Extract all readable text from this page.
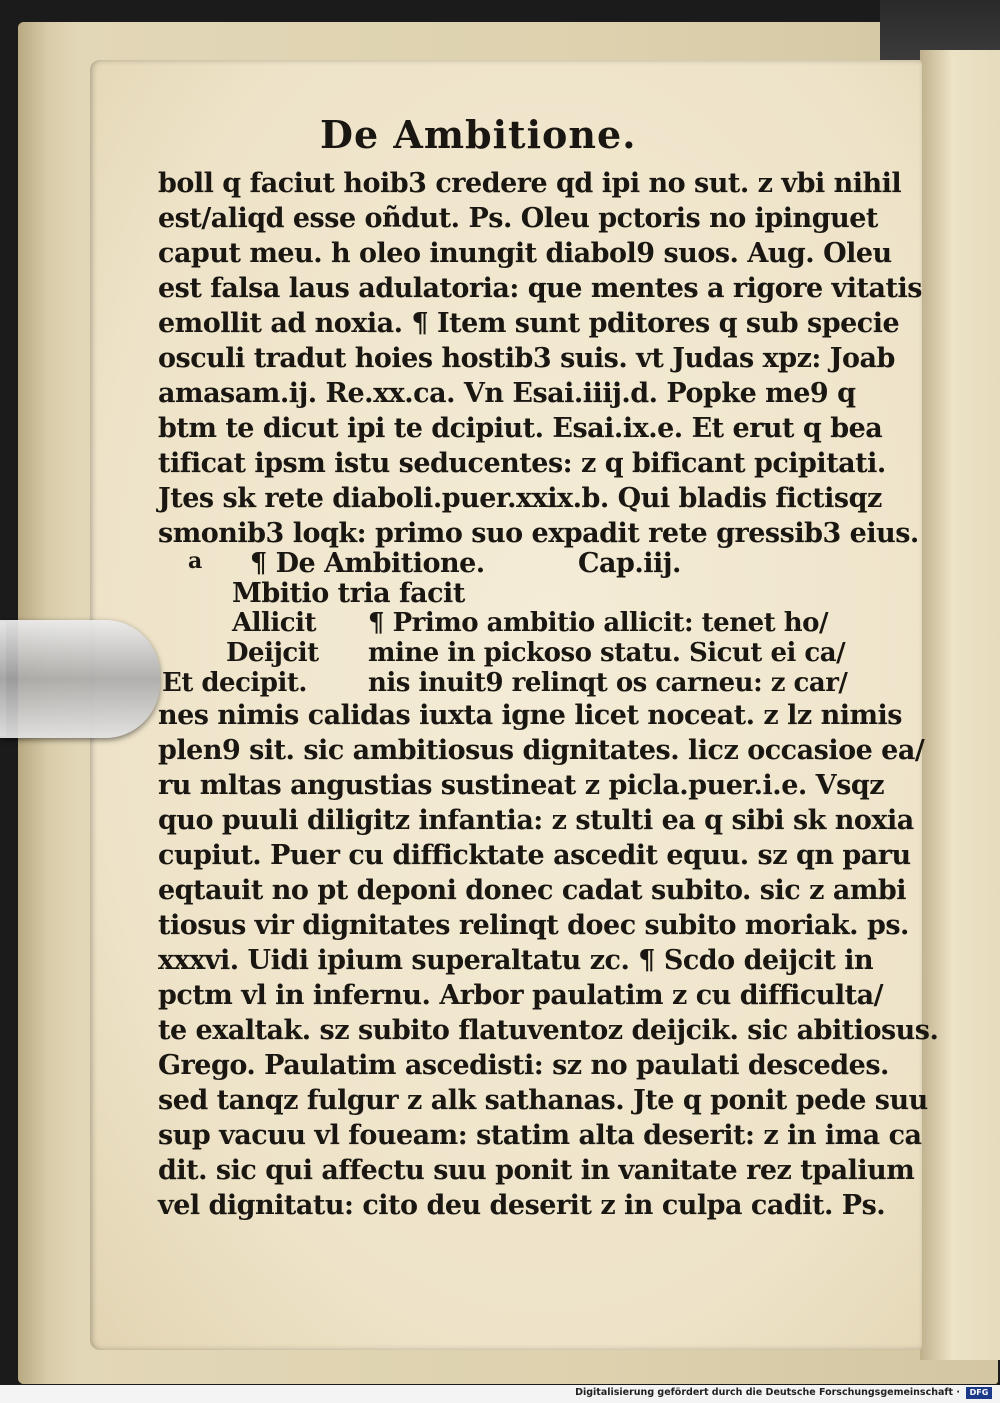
De Ambitione.
boll q faciut hoib3 credere qd ipi no sut. z vbi nihil
est/aliqd esse oñdut. Ps. Oleu pctoris no ipinguet
caput meu. h oleo inungit diabol9 suos. Aug. Oleu
est falsa laus adulatoria: que mentes a rigore vitatis
emollit ad noxia. ¶ Item sunt pditores q sub specie
osculi tradut hoies hostib3 suis. vt Judas xpz: Joab
amasam.ij. Re.xx.ca. Vn Esai.iiij.d. Popke me9 q
btm te dicut ipi te dcipiut. Esai.ix.e. Et erut q bea
tificat ipsm istu seducentes: z q bificant pcipitati.
Jtes sk rete diaboli.puer.xxix.b. Qui bladis fictisqz
smonib3 loqk: primo suo expadit rete gressib3 eius.
¶ De Ambitione.	Cap.iij.
a
Mbitio tria facit
Allicit
Deijcit
Et decipit.
¶ Primo ambitio allicit: tenet ho/
mine in pickoso statu. Sicut ei ca/
nis inuit9 relinqt os carneu: z car/
nes nimis calidas iuxta igne licet noceat. z lz nimis
plen9 sit. sic ambitiosus dignitates. licz occasioe ea/
ru mltas angustias sustineat z picla.puer.i.e. Vsqz
quo puuli diligitz infantia: z stulti ea q sibi sk noxia
cupiut. Puer cu difficktate ascedit equu. sz qn paru
eqtauit no pt deponi donec cadat subito. sic z ambi
tiosus vir dignitates relinqt doec subito moriak. ps.
xxxvi. Uidi ipium superaltatu zc. ¶ Scdo deijcit in
pctm vl in infernu. Arbor paulatim z cu difficulta/
te exaltak. sz subito flatuventoz deijcik. sic abitiosus.
Grego. Paulatim ascedisti: sz no paulati descedes.
sed tanqz fulgur z alk sathanas. Jte q ponit pede suu
sup vacuu vl foueam: statim alta deserit: z in ima ca
dit. sic qui affectu suu ponit in vanitate rez tpalium
vel dignitatu: cito deu deserit z in culpa cadit. Ps.
Digitalisierung gefördert durch die Deutsche Forschungsgemeinschaft ·	DFG
